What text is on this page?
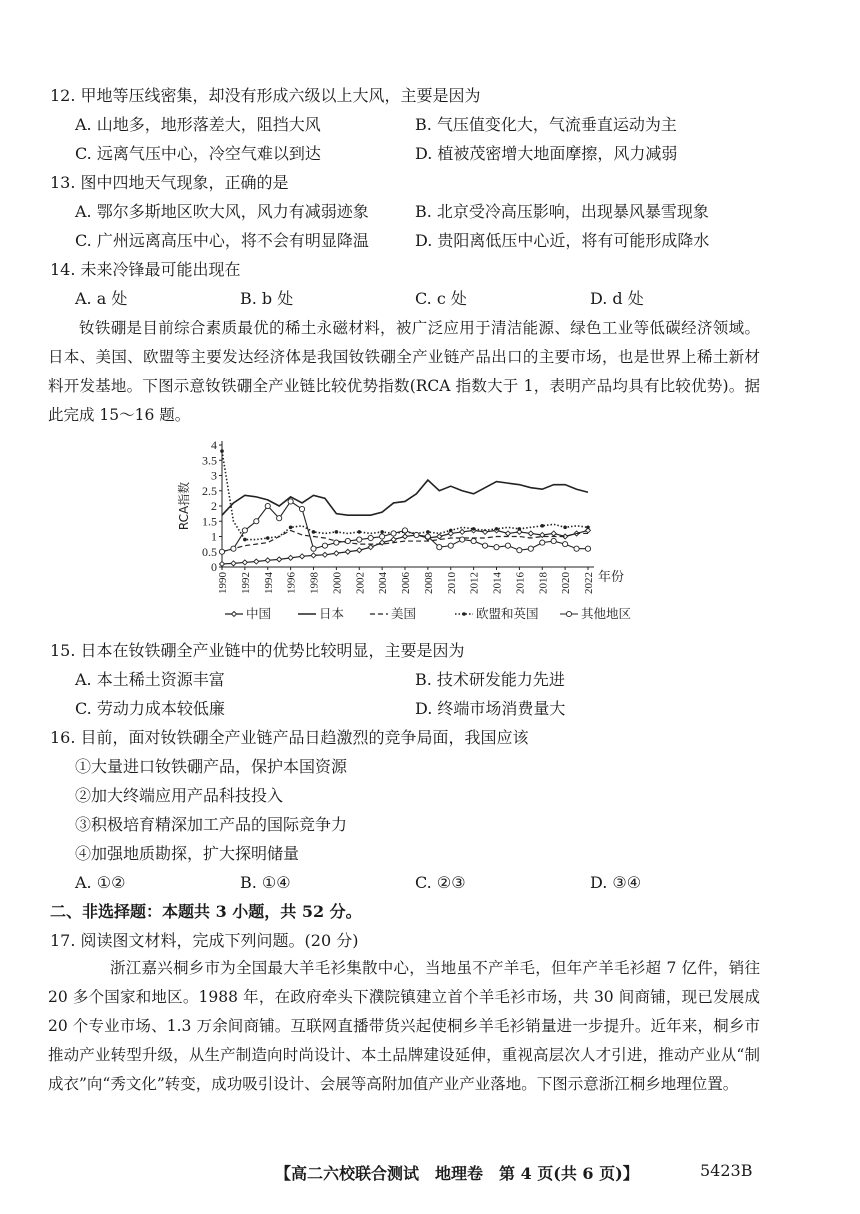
12. 甲地等压线密集，却没有形成六级以上大风，主要是因为
A. 山地多，地形落差大，阻挡大风	B. 气压值变化大，气流垂直运动为主
C. 远离气压中心，冷空气难以到达	D. 植被茂密增大地面摩擦，风力减弱
13. 图中四地天气现象，正确的是
A. 鄂尔多斯地区吹大风，风力有减弱迹象	B. 北京受冷高压影响，出现暴风暴雪现象
C. 广州远离高压中心，将不会有明显降温	D. 贵阳离低压中心近，将有可能形成降水
14. 未来冷锋最可能出现在
A. a 处	B. b 处	C. c 处	D. d 处
钕铁硼是目前综合素质最优的稀土永磁材料，被广泛应用于清洁能源、绿色工业等低碳经济领域。日本、美国、欧盟等主要发达经济体是我国钕铁硼全产业链产品出口的主要市场，也是世界上稀土新材料开发基地。下图示意钕铁硼全产业链比较优势指数(RCA 指数大于 1，表明产品均具有比较优势)。据此完成 15～16 题。
0
0.5
1
1.5
2
2.5
3
3.5
4
RCA指数
1990 1992 1994 1996 1998 2000 2002 2004 2006 2008 2010 2012 2014 2016 2018 2020 2022 年份
中国	日本	美国	欧盟和英国	其他地区
15. 日本在钕铁硼全产业链中的优势比较明显，主要是因为
A. 本土稀土资源丰富	B. 技术研发能力先进
C. 劳动力成本较低廉	D. 终端市场消费量大
16. 目前，面对钕铁硼全产业链产品日趋激烈的竞争局面，我国应该
①大量进口钕铁硼产品，保护本国资源
②加大终端应用产品科技投入
③积极培育精深加工产品的国际竞争力
④加强地质勘探，扩大探明储量
A. ①②	B. ①④	C. ②③	D. ③④
二、非选择题：本题共 3 小题，共 52 分。
17. 阅读图文材料，完成下列问题。(20 分)
浙江嘉兴桐乡市为全国最大羊毛衫集散中心，当地虽不产羊毛，但年产羊毛衫超 7 亿件，销往 20 多个国家和地区。1988 年，在政府牵头下濮院镇建立首个羊毛衫市场，共 30 间商铺，现已发展成 20 个专业市场、1.3 万余间商铺。互联网直播带货兴起使桐乡羊毛衫销量进一步提升。近年来，桐乡市推动产业转型升级，从生产制造向时尚设计、本土品牌建设延伸，重视高层次人才引进，推动产业从“制成衣”向“秀文化”转变，成功吸引设计、会展等高附加值产业产业落地。下图示意浙江桐乡地理位置。
【高二六校联合测试　地理卷　第 4 页(共 6 页)】	5423B
